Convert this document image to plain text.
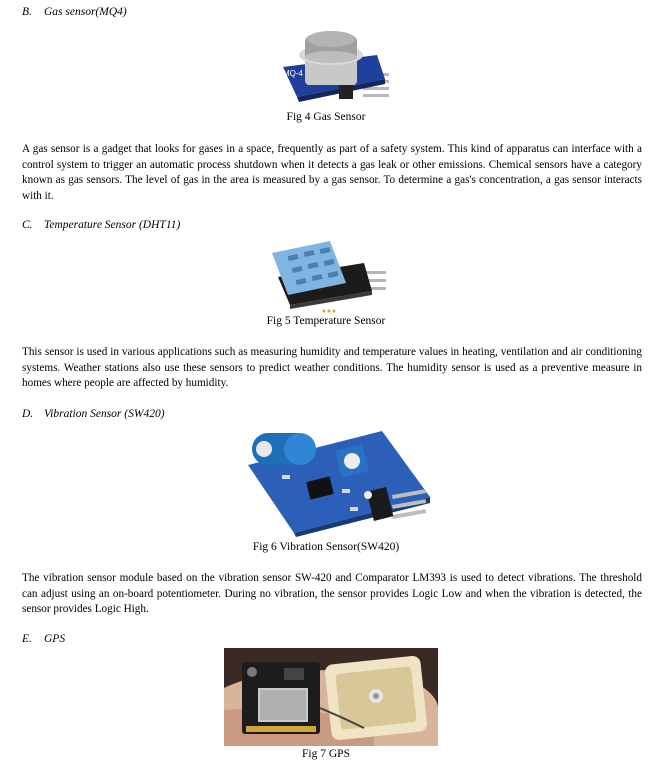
B. Gas sensor(MQ4)
MQ-4
Fig 4 Gas Sensor
A gas sensor is a gadget that looks for gases in a space, frequently as part of a safety system. This kind of apparatus can interface with a control system to trigger an automatic process shutdown when it detects a gas leak or other emissions. Chemical sensors have a category known as gas sensors. The level of gas in the area is measured by a gas sensor. To determine a gas's concentration, a gas sensor interacts with it.
C. Temperature Sensor (DHT11)
Fig 5 Temperature Sensor
This sensor is used in various applications such as measuring humidity and temperature values in heating, ventilation and air conditioning systems. Weather stations also use these sensors to predict weather conditions. The humidity sensor is used as a preventive measure in homes where people are affected by humidity.
D. Vibration Sensor (SW420)
Fig 6 Vibration Sensor(SW420)
The vibration sensor module based on the vibration sensor SW-420 and Comparator LM393 is used to detect vibrations. The threshold can adjust using an on-board potentiometer. During no vibration, the sensor provides Logic Low and when the vibration is detected, the sensor provides Logic High.
E. GPS
Fig 7 GPS
